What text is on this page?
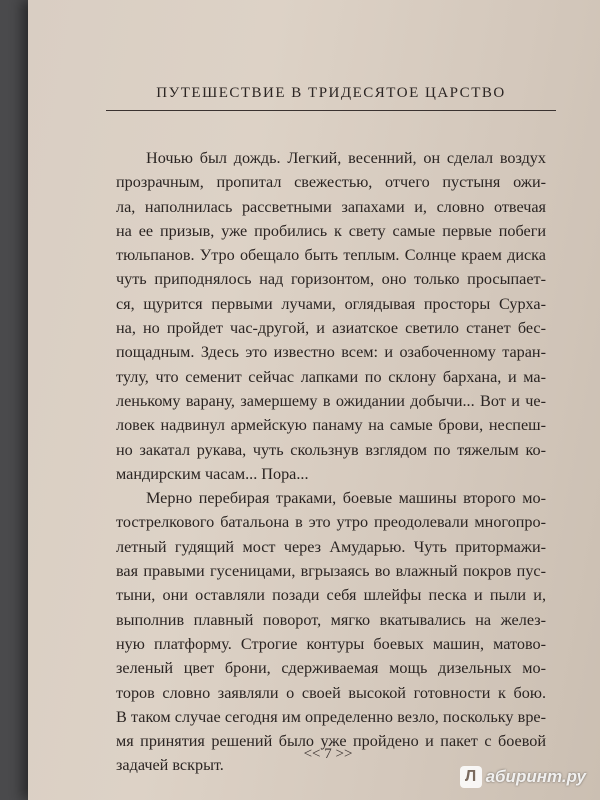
ПУТЕШЕСТВИЕ В ТРИДЕСЯТОЕ ЦАРСТВО
Ночью был дождь. Легкий, весенний, он сделал воздух
прозрачным, пропитал свежестью, отчего пустыня ожи-
ла, наполнилась рассветными запахами и, словно отвечая
на ее призыв, уже пробились к свету самые первые побеги
тюльпанов. Утро обещало быть теплым. Солнце краем диска
чуть приподнялось над горизонтом, оно только просыпает-
ся, щурится первыми лучами, оглядывая просторы Сурха-
на, но пройдет час-другой, и азиатское светило станет бес-
пощадным. Здесь это известно всем: и озабоченному таран-
тулу, что семенит сейчас лапками по склону бархана, и ма-
ленькому варану, замершему в ожидании добычи... Вот и че-
ловек надвинул армейскую панаму на самые брови, неспеш-
но закатал рукава, чуть скользнув взглядом по тяжелым ко-
мандирским часам... Пора...
Мерно перебирая траками, боевые машины второго мо-
тострелкового батальона в это утро преодолевали многопро-
летный гудящий мост через Амударью. Чуть притормажи-
вая правыми гусеницами, вгрызаясь во влажный покров пус-
тыни, они оставляли позади себя шлейфы песка и пыли и,
выполнив плавный поворот, мягко вкатывались на желез-
ную платформу. Строгие контуры боевых машин, матово-
зеленый цвет брони, сдерживаемая мощь дизельных мо-
торов словно заявляли о своей высокой готовности к бою.
В таком случае сегодня им определенно везло, поскольку вре-
мя принятия решений было уже пройдено и пакет с боевой
задачей вскрыт.
<< 7 >>
Л абиринт.ру
